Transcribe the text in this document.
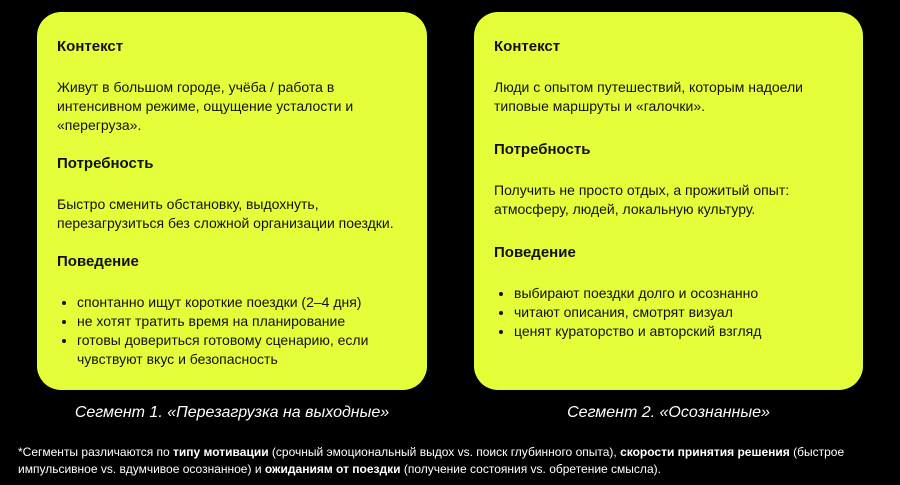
Контекст
Живут в большом городе, учёба / работа в интенсивном режиме, ощущение усталости и «перегруза».
Потребность
Быстро сменить обстановку, выдохнуть, перезагрузиться без сложной организации поездки.
Поведение
• спонтанно ищут короткие поездки (2–4 дня)
• не хотят тратить время на планирование
• готовы довериться готовому сценарию, если чувствуют вкус и безопасность
Контекст
Люди с опытом путешествий, которым надоели типовые маршруты и «галочки».
Потребность
Получить не просто отдых, а прожитый опыт: атмосферу, людей, локальную культуру.
Поведение
• выбирают поездки долго и осознанно
• читают описания, смотрят визуал
• ценят кураторство и авторский взгляд
Сегмент 1. «Перезагрузка на выходные»	Сегмент 2. «Осознанные»
*Сегменты различаются по типу мотивации (срочный эмоциональный выдох vs. поиск глубинного опыта), скорости принятия решения (быстрое импульсивное vs. вдумчивое осознанное) и ожиданиям от поездки (получение состояния vs. обретение смысла).
